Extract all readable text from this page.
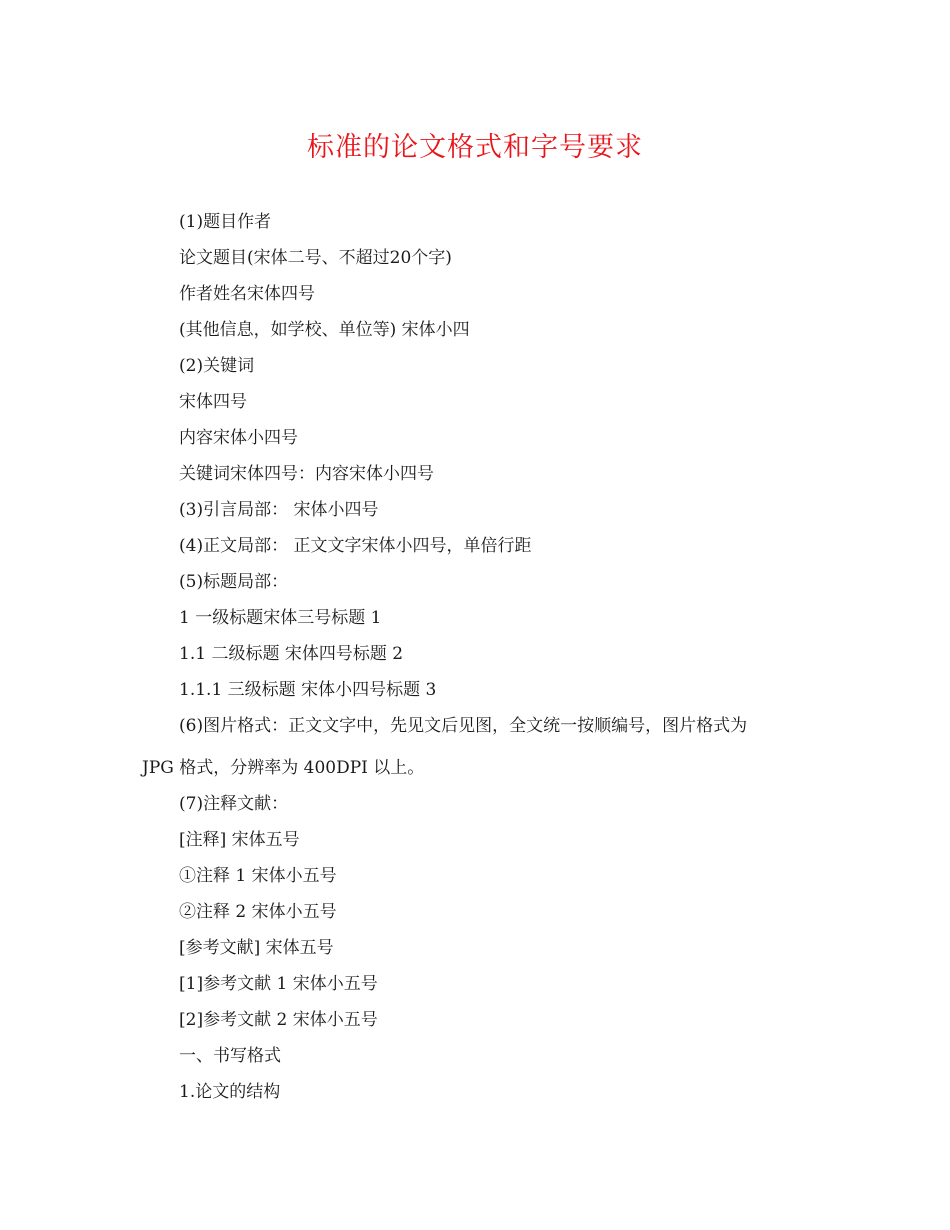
标准的论文格式和字号要求
(1)题目作者
论文题目(宋体二号、不超过20个字)
作者姓名宋体四号
(其他信息，如学校、单位等) 宋体小四
(2)关键词
宋体四号
内容宋体小四号
关键词宋体四号：内容宋体小四号
(3)引言局部： 宋体小四号
(4)正文局部： 正文文字宋体小四号，单倍行距
(5)标题局部：
1 一级标题宋体三号标题 1
1.1 二级标题 宋体四号标题 2
1.1.1 三级标题 宋体小四号标题 3
(6)图片格式：正文文字中，先见文后见图，全文统一按顺编号，图片格式为
JPG 格式，分辨率为 400DPI 以上。
(7)注释文献：
[注释] 宋体五号
①注释 1 宋体小五号
②注释 2 宋体小五号
[参考文献] 宋体五号
[1]参考文献 1 宋体小五号
[2]参考文献 2 宋体小五号
一、书写格式
1.论文的结构
